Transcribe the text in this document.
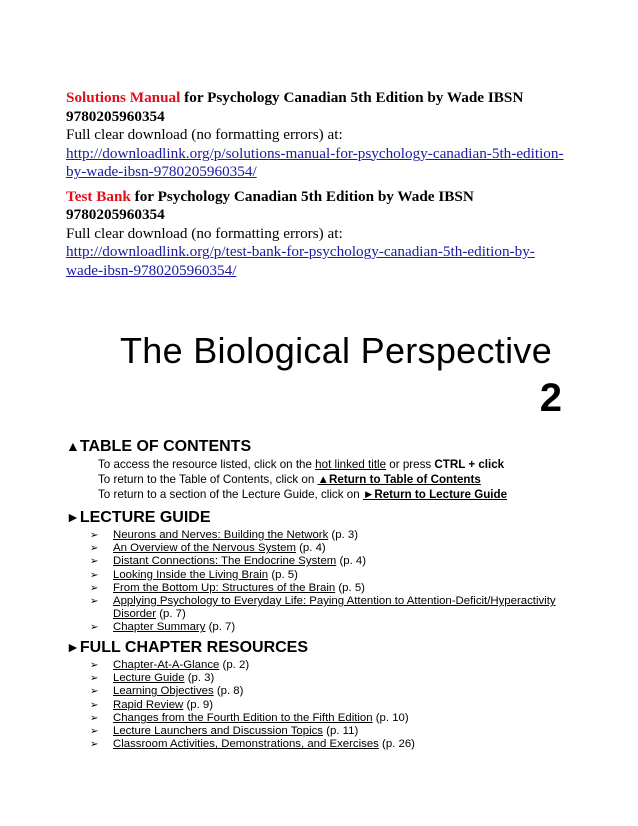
Solutions Manual for Psychology Canadian 5th Edition by Wade IBSN 9780205960354

Full clear download (no formatting errors) at:

http://downloadlink.org/p/solutions-manual-for-psychology-canadian-5th-edition-by-wade-ibsn-9780205960354/

Test Bank for Psychology Canadian 5th Edition by Wade IBSN 9780205960354

Full clear download (no formatting errors) at:

http://downloadlink.org/p/test-bank-for-psychology-canadian-5th-edition-by-wade-ibsn-9780205960354/

The Biological Perspective
2

▲TABLE OF CONTENTS

To access the resource listed, click on the hot linked title or press CTRL + click
To return to the Table of Contents, click on ▲Return to Table of Contents
To return to a section of the Lecture Guide, click on ►Return to Lecture Guide

►LECTURE GUIDE

➢ Neurons and Nerves: Building the Network (p. 3)
➢ An Overview of the Nervous System (p. 4)
➢ Distant Connections: The Endocrine System (p. 4)
➢ Looking Inside the Living Brain (p. 5)
➢ From the Bottom Up: Structures of the Brain (p. 5)
➢ Applying Psychology to Everyday Life: Paying Attention to Attention-Deficit/Hyperactivity Disorder (p. 7)
➢ Chapter Summary (p. 7)

►FULL CHAPTER RESOURCES

➢ Chapter-At-A-Glance (p. 2)
➢ Lecture Guide (p. 3)
➢ Learning Objectives (p. 8)
➢ Rapid Review (p. 9)
➢ Changes from the Fourth Edition to the Fifth Edition (p. 10)
➢ Lecture Launchers and Discussion Topics (p. 11)
➢ Classroom Activities, Demonstrations, and Exercises (p. 26)
